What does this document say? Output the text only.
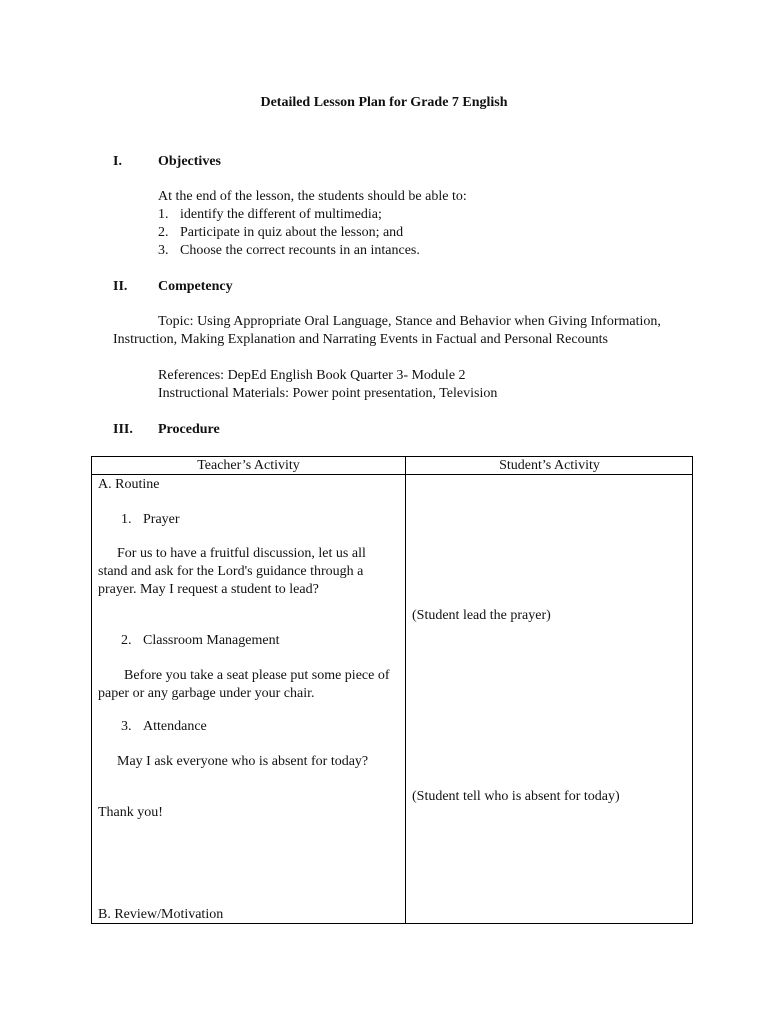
Detailed Lesson Plan for Grade 7 English
I.	Objectives
At the end of the lesson, the students should be able to:
1. identify the different of multimedia;
2. Participate in quiz about the lesson; and
3. Choose the correct recounts in an intances.
II. Competency
Topic: Using Appropriate Oral Language, Stance and Behavior when Giving Information, Instruction, Making Explanation and Narrating Events in Factual and Personal Recounts
References: DepEd English Book Quarter 3- Module 2
Instructional Materials: Power point presentation, Television
III. Procedure
Teacher’s Activity	Student’s Activity
A. Routine
1. Prayer
For us to have a fruitful discussion, let us all stand and ask for the Lord's guidance through a prayer. May I request a student to lead?
2. Classroom Management
Before you take a seat please put some piece of paper or any garbage under your chair.
3. Attendance
May I ask everyone who is absent for today?
Thank you!
B. Review/Motivation
(Student lead the prayer)
(Student tell who is absent for today)
